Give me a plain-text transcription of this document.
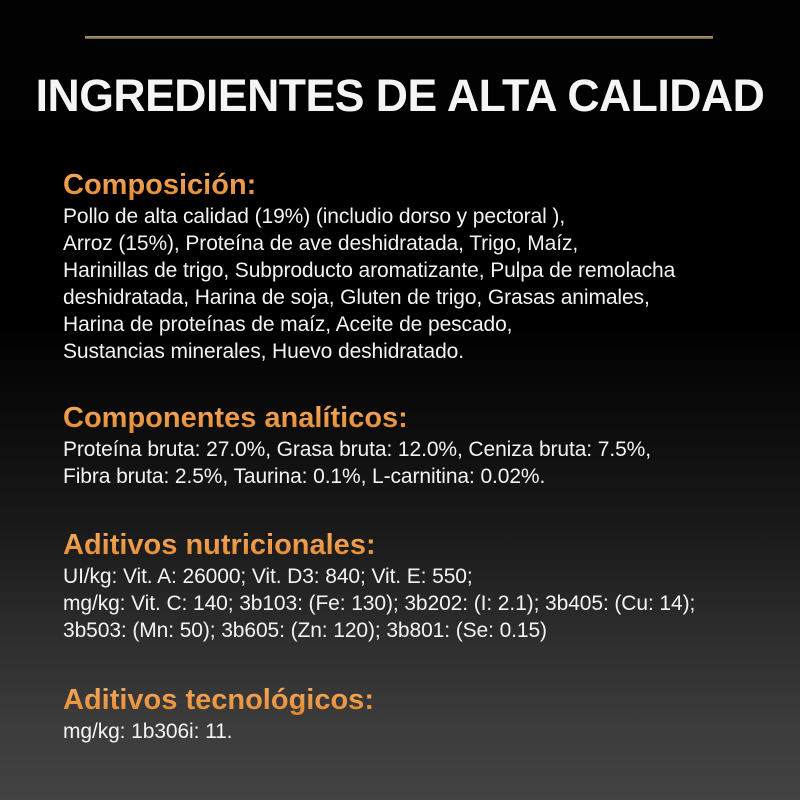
INGREDIENTES DE ALTA CALIDAD
Composición:
Pollo de alta calidad (19%) (includio dorso y pectoral ),
Arroz (15%), Proteína de ave deshidratada, Trigo, Maíz,
Harinillas de trigo, Subproducto aromatizante, Pulpa de remolacha
deshidratada, Harina de soja, Gluten de trigo, Grasas animales,
Harina de proteínas de maíz, Aceite de pescado,
Sustancias minerales, Huevo deshidratado.
Componentes analíticos:
Proteína bruta: 27.0%, Grasa bruta: 12.0%, Ceniza bruta: 7.5%,
Fibra bruta: 2.5%, Taurina: 0.1%, L-carnitina: 0.02%.
Aditivos nutricionales:
UI/kg: Vit. A: 26000; Vit. D3: 840; Vit. E: 550;
mg/kg: Vit. C: 140; 3b103: (Fe: 130); 3b202: (I: 2.1); 3b405: (Cu: 14);
3b503: (Mn: 50); 3b605: (Zn: 120); 3b801: (Se: 0.15)
Aditivos tecnológicos:
mg/kg: 1b306i: 11.
